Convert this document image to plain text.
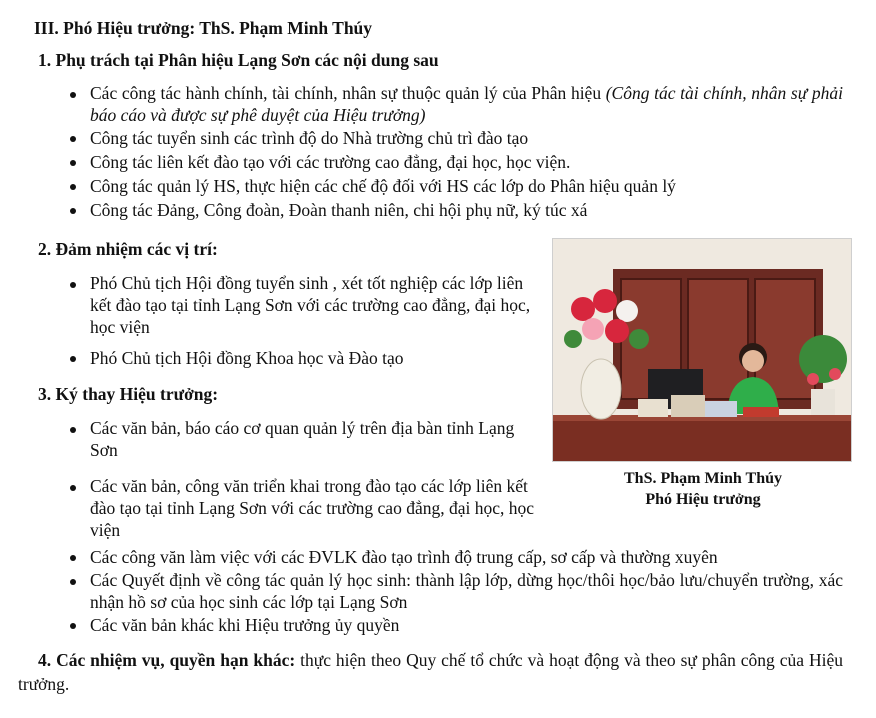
III. Phó Hiệu trưởng: ThS. Phạm Minh Thúy
1. Phụ trách tại Phân hiệu Lạng Sơn các nội dung sau
Các công tác hành chính, tài chính, nhân sự thuộc quản lý của Phân hiệu (Công tác tài chính, nhân sự phải báo cáo và được sự phê duyệt của Hiệu trưởng)
Công tác tuyển sinh các trình độ do Nhà trường chủ trì đào tạo
Công tác liên kết đào tạo với các trường cao đẳng, đại học, học viện.
Công tác quản lý HS, thực hiện các chế độ đối với HS các lớp do Phân hiệu quản lý
Công tác Đảng, Công đoàn, Đoàn thanh niên, chi hội phụ nữ, ký túc xá
2. Đảm nhiệm các vị trí:
Phó Chủ tịch Hội đồng tuyển sinh , xét tốt nghiệp các lớp liên kết đào tạo tại tỉnh Lạng Sơn với các trường cao đẳng, đại học, học viện
Phó Chủ tịch Hội đồng Khoa học và Đào tạo
3. Ký thay Hiệu trưởng:
Các văn bản, báo cáo cơ quan quản lý trên địa bàn tỉnh Lạng Sơn
Các văn bản, công văn triển khai trong đào tạo các lớp liên kết đào tạo tại tỉnh Lạng Sơn với các trường cao đẳng, đại học, học viện
Các công văn làm việc với các ĐVLK đào tạo trình độ trung cấp, sơ cấp và thường xuyên
Các Quyết định về công tác quản lý học sinh: thành lập lớp, dừng học/thôi học/bảo lưu/chuyển trường, xác nhận hồ sơ của học sinh các lớp tại Lạng Sơn
Các văn bản khác khi Hiệu trưởng ủy quyền
4. Các nhiệm vụ, quyền hạn khác: thực hiện theo Quy chế tổ chức và hoạt động và theo sự phân công của Hiệu trưởng.
ThS. Phạm Minh Thúy
Phó Hiệu trưởng
